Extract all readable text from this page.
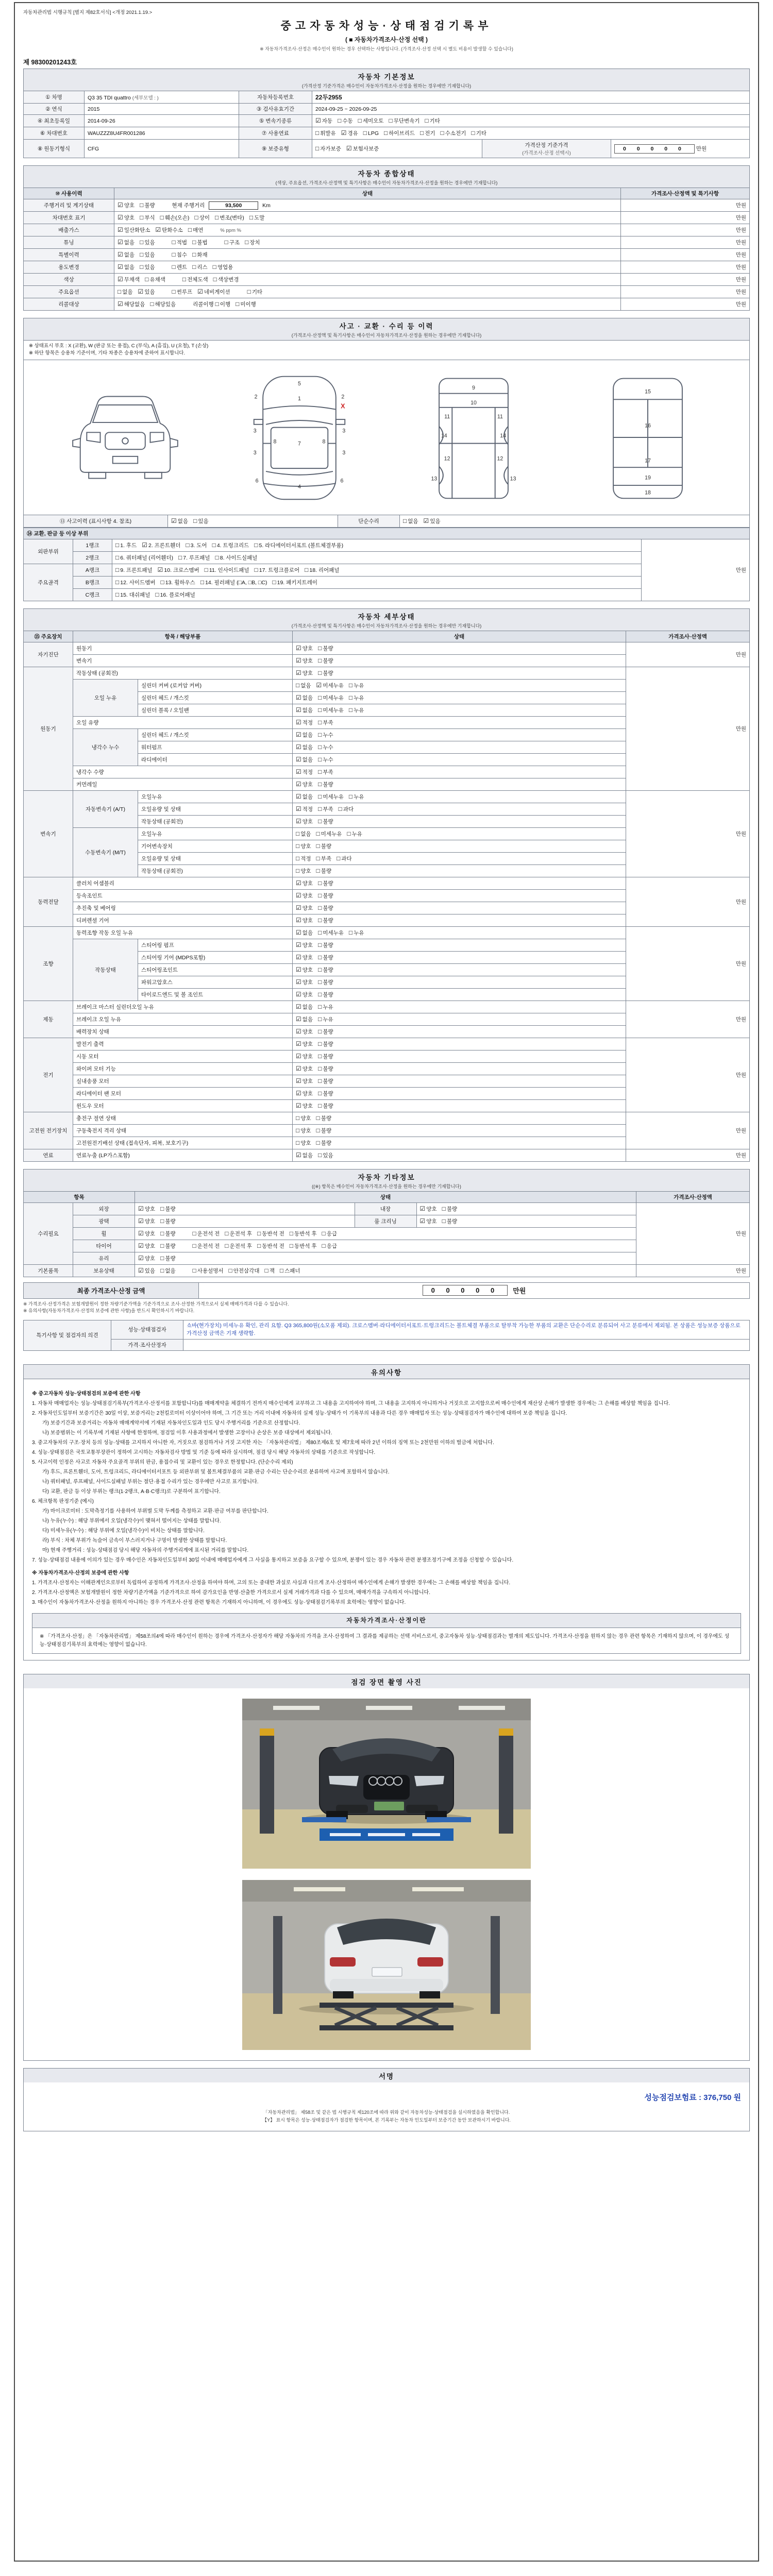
자동차관리법 시행규칙 [별지 제82호서식] <개정 2021.1.19.>
중고자동차성능·상태점검기록부
( ■ 자동차가격조사·산정 선택 )
※ 자동차가격조사·산정은 매수인이 원하는 경우 선택하는 사항입니다. (가격조사·산정 선택 시 별도 비용이 발생할 수 있습니다)
제 98300201243호
자동차 기본정보
(가격산정 기준가격은 매수인이 자동차가격조사·산정을 원하는 경우에만 기재합니다)
① 차명	Q3 35 TDI quattro (세부모델 : )	자동차등록번호	22두2955		
② 연식	2015	③ 검사유효기간	2024-09-25 ~ 2026-09-25		
④ 최초등록일	2014-09-26	⑤ 변속기종류	☑ 자동 □ 수동 □ 세미오토 □ 무단변속기 □ 기타		
⑥ 차대번호	WAUZZZ8U4FR001286	⑦ 사용연료	□ 휘발유 ☑ 경유 □ LPG □ 하이브리드 □ 전기 □ 수소전기 □ 기타		
⑧ 원동기형식	CFG	⑨ 보증유형	□ 자가보증 ☑ 보험사보증	가격산정 기준가격
(가격조사·산정 선택시)	0 0 0 0 0 만원
자동차 종합상태
(색상, 주요옵션, 가격조사·산정액 및 특기사항은 매수인이 자동차가격조사·산정을 원하는 경우에만 기재합니다)
⑩ 사용이력	상태	가격조사·산정액 및 특기사항
주행거리 및 계기상태	☑ 양호 □ 불량 현재 주행거리 93,500 Km	만원
차대번호 표기	☑ 양호 □ 부식 □ 훼손(오손) □ 상이 □ 변조(변타) □ 도말	만원
배출가스	☑ 일산화탄소 ☑ 탄화수소 □ 매연 % ppm %	만원
튜닝	☑ 없음 □ 있음 □ 적법 □ 불법 □ 구조 □ 장치	만원
특별이력	☑ 없음 □ 있음 □ 침수 □ 화재	만원
용도변경	☑ 없음 □ 있음 □ 렌트 □ 리스 □ 영업용	만원
색상	☑ 무채색 □ 유채색 □ 전체도색 □ 색상변경	만원
주요옵션	□ 없음 ☑ 있음 □ 썬루프 ☑ 네비게이션 □ 기타	만원
리콜대상	☑ 해당없음 □ 해당있음 리콜이행 □ 이행 □ 미이행	만원
사고 · 교환 · 수리 등 이력
(가격조사·산정액 및 특기사항은 매수인이 자동차가격조사·산정을 원하는 경우에만 기재합니다)
※ 상태표시 부호 : X (교환), W (판금 또는 용접), C (부식), A (흠집), U (요철), T (손상)
※ 하단 항목은 승용차 기준이며, 기타 차종은 승용차에 준하여 표시합니다.
5
1
2	2
X
3	3
3	3
8	8
7
6	6
4
9
10
11	11
14	14
12	12
13	13
15
16
17
19
18
⑬ 사고이력 (표시사항 4. 참조)	☑ 없음 □ 있음	단순수리	□ 없음 ☑ 있음
⑭ 교환, 판금 등 이상 부위			
외판부위	1랭크	□ 1. 후드 ☑ 2. 프론트휀더 □ 3. 도어 □ 4. 트렁크리드 □ 5. 라디에이터서포트 (볼트체결부품)	만원
	2랭크	□ 6. 쿼터패널 (리어휀더) □ 7. 루프패널 □ 8. 사이드실패널	
주요골격	A랭크	□ 9. 프론트패널 ☑ 10. 크로스멤버 □ 11. 인사이드패널 □ 17. 트렁크플로어 □ 18. 리어패널	
	B랭크	□ 12. 사이드멤버 □ 13. 휠하우스 □ 14. 필러패널 (□A, □B, □C) □ 19. 패키지트레이	
	C랭크	□ 15. 대쉬패널 □ 16. 플로어패널	
자동차 세부상태
(가격조사·산정액 및 특기사항은 매수인이 자동차가격조사·산정을 원하는 경우에만 기재합니다)
⑮ 주요장치	항목 / 해당부품		상태	가격조사·산정액
자기진단	원동기		☑ 양호 □ 불량	만원
	변속기		☑ 양호 □ 불량	
원동기	작동상태 (공회전)		☑ 양호 □ 불량	만원
	오일 누유	실린더 커버 (로커암 커버)	□ 없음 ☑ 미세누유 □ 누유	
		실린더 헤드 / 개스킷	☑ 없음 □ 미세누유 □ 누유	
		실린더 블록 / 오일팬	☑ 없음 □ 미세누유 □ 누유	
	오일 유량		☑ 적정 □ 부족	
	냉각수 누수	실린더 헤드 / 개스킷	☑ 없음 □ 누수	
		워터펌프	☑ 없음 □ 누수	
		라디에이터	☑ 없음 □ 누수	
	냉각수 수량		☑ 적정 □ 부족	
	커먼레일		☑ 양호 □ 불량	
변속기	자동변속기 (A/T)	오일누유	☑ 없음 □ 미세누유 □ 누유	만원
		오일유량 및 상태	☑ 적정 □ 부족 □ 과다	
		작동상태 (공회전)	☑ 양호 □ 불량	
	수동변속기 (M/T)	오일누유	□ 없음 □ 미세누유 □ 누유	
		기어변속장치	□ 양호 □ 불량	
		오일유량 및 상태	□ 적정 □ 부족 □ 과다	
		작동상태 (공회전)	□ 양호 □ 불량	
동력전달	클러치 어셈블리		☑ 양호 □ 불량	만원
	등속조인트		☑ 양호 □ 불량	
	추진축 및 베어링		☑ 양호 □ 불량	
	디퍼렌셜 기어		☑ 양호 □ 불량	
조향	동력조향 작동 오일 누유		☑ 없음 □ 미세누유 □ 누유	만원
	작동상태	스티어링 펌프	☑ 양호 □ 불량	
		스티어링 기어 (MDPS포함)	☑ 양호 □ 불량	
		스티어링조인트	☑ 양호 □ 불량	
		파워고압호스	☑ 양호 □ 불량	
		타이로드엔드 및 볼 조인트	☑ 양호 □ 불량	
제동	브레이크 마스터 실린더오일 누유		☑ 없음 □ 누유	만원
	브레이크 오일 누유		☑ 없음 □ 누유	
	배력장치 상태		☑ 양호 □ 불량	
전기	발전기 출력		☑ 양호 □ 불량	만원
	시동 모터		☑ 양호 □ 불량	
	와이퍼 모터 기능		☑ 양호 □ 불량	
	실내송풍 모터		☑ 양호 □ 불량	
	라디에이터 팬 모터		☑ 양호 □ 불량	
	윈도우 모터		☑ 양호 □ 불량	
고전원 전기장치	충전구 절연 상태		□ 양호 □ 불량	만원
	구동축전지 격리 상태		□ 양호 □ 불량	
	고전원전기배선 상태 (접속단자, 피복, 보호기구)		□ 양호 □ 불량	
연료	연료누출 (LP가스포함)		☑ 없음 □ 있음	만원
자동차 기타정보
((※) 항목은 매수인이 자동차가격조사·산정을 원하는 경우에만 기재합니다)
항목		상태			가격조사·산정액
수리필요	외장	☑ 양호 □ 불량	내장	☑ 양호 □ 불량	만원
	광택	☑ 양호 □ 불량	룸 크리닝	☑ 양호 □ 불량	
	휠	☑ 양호 □ 불량 □ 운전석 전 □ 운전석 후 □ 동반석 전 □ 동반석 후 □ 응급			
	타이어	☑ 양호 □ 불량 □ 운전석 전 □ 운전석 후 □ 동반석 전 □ 동반석 후 □ 응급			
	유리	☑ 양호 □ 불량			
기본품목	보유상태	☑ 있음 □ 없음 □ 사용설명서 □ 안전삼각대 □ 잭 □ 스패너			만원
최종 가격조사·산정 금액	0 0 0 0 0	만원
※ 가격조사·산정가격은 보험개발원이 정한 차량기준가액을 기준가격으로 조사·산정한 가격으로서 실제 매매가격과 다를 수 있습니다.
※ 유의사항(자동차가격조사·산정의 보증에 관한 사항)을 반드시 확인하시기 바랍니다.
특기사항 및 점검자의 의견	성능·상태점검자	쇼바(현가장치) 미세누유 확인, 관리 요함. Q3 365,800원(소모품 제외). 크로스멤버·라디에이터서포트·트렁크리드는 볼트체결 부품으로 탈부착 가능한 부품의 교환은 단순수리로 분류되어 사고 분류에서 제외됨. 본 상품은 성능보증 상품으로 가격산정 금액은 기재 생략함.
	가격·조사산정자	
유의사항

※ 중고자동차 성능·상태점검의 보증에 관한 사항

1. 자동차 매매업자는 성능·상태점검기록부(가격조사·산정서를 포함합니다)를 매매계약을 체결하기 전까지 매수인에게 교부하고 그 내용을 고지하여야 하며, 그 내용을 고지하지 아니하거나 거짓으로 고지함으로써 매수인에게 재산상 손해가 발생한 경우에는 그 손해를 배상할 책임을 집니다.

2. 자동차인도일부터 보증기간은 30일 이상, 보증거리는 2천킬로미터 이상이어야 하며, 그 기간 또는 거리 이내에 자동차의 실제 성능·상태가 이 기록부의 내용과 다른 경우 매매업자 또는 성능·상태점검자가 매수인에 대하여 보증 책임을 집니다.

가) 보증기간과 보증거리는 자동차 매매계약서에 기재된 자동차인도일과 인도 당시 주행거리를 기준으로 산정합니다.

나) 보증범위는 이 기록부에 기재된 사항에 한정하며, 점검일 이후 사용과정에서 발생한 고장이나 손상은 보증 대상에서 제외됩니다.

3. 중고자동차의 구조·장치 등의 성능·상태를 고지하지 아니한 자, 거짓으로 점검하거나 거짓 고지한 자는 「자동차관리법」 제80조제6호 및 제7호에 따라 2년 이하의 징역 또는 2천만원 이하의 벌금에 처합니다.

4. 성능·상태점검은 국토교통부장관이 정하여 고시하는 자동차검사 방법 및 기준 등에 따라 실시하며, 점검 당시 해당 자동차의 상태를 기준으로 작성합니다.

5. 사고이력 인정은 사고로 자동차 주요골격 부위의 판금, 용접수리 및 교환이 있는 경우로 한정합니다. (단순수리 제외)

가) 후드, 프론트휀더, 도어, 트렁크리드, 라디에이터서포트 등 외판부위 및 볼트체결부품의 교환·판금 수리는 단순수리로 분류하며 사고에 포함하지 않습니다.

나) 쿼터패널, 루프패널, 사이드실패널 부위는 절단·용접 수리가 있는 경우에만 사고로 표기합니다.

다) 교환, 판금 등 이상 부위는 랭크(1·2랭크, A·B·C랭크)로 구분하여 표기합니다.

6. 체크항목 판정기준 (예시)

가) 마이크로미터 : 도막측정기를 사용하여 부위별 도막 두께를 측정하고 교환·판금 여부를 판단합니다.

나) 누유(누수) : 해당 부위에서 오일(냉각수)이 맺혀서 떨어지는 상태를 말합니다.

다) 미세누유(누수) : 해당 부위에 오일(냉각수)이 비치는 상태를 말합니다.

라) 부식 : 차체 부위가 녹슬어 금속이 부스러지거나 구멍이 발생한 상태를 말합니다.

마) 현재 주행거리 : 성능·상태점검 당시 해당 자동차의 주행거리계에 표시된 거리를 말합니다.

7. 성능·상태점검 내용에 이의가 있는 경우 매수인은 자동차인도일부터 30일 이내에 매매업자에게 그 사실을 통지하고 보증을 요구할 수 있으며, 분쟁이 있는 경우 자동차 관련 분쟁조정기구에 조정을 신청할 수 있습니다.

※ 자동차가격조사·산정의 보증에 관한 사항

1. 가격조사·산정자는 이해관계인으로부터 독립하여 공정하게 가격조사·산정을 하여야 하며, 고의 또는 중대한 과실로 사실과 다르게 조사·산정하여 매수인에게 손해가 발생한 경우에는 그 손해를 배상할 책임을 집니다.

2. 가격조사·산정액은 보험개발원이 정한 차량기준가액을 기준가격으로 하여 감가요인을 반영·산출한 가격으로서 실제 거래가격과 다를 수 있으며, 매매가격을 구속하지 아니합니다.

3. 매수인이 자동차가격조사·산정을 원하지 아니하는 경우 가격조사·산정 관련 항목은 기재하지 아니하며, 이 경우에도 성능·상태점검기록부의 효력에는 영향이 없습니다.

자동차가격조사·산정이란
※ 「가격조사·산정」은 「자동차관리법」 제58조의4에 따라 매수인이 원하는 경우에 가격조사·산정자가 해당 자동차의 가격을 조사·산정하여 그 결과를 제공하는 선택 서비스로서, 중고자동차 성능·상태점검과는 별개의 제도입니다. 가격조사·산정을 원하지 않는 경우 관련 항목은 기재하지 않으며, 이 경우에도 성능·상태점검기록부의 효력에는 영향이 없습니다.
점검 장면 촬영 사진
서명
성능점검보험료 : 376,750 원
「자동차관리법」 제58조 및 같은 법 시행규칙 제120조에 따라 위와 같이 자동차성능·상태점검을 실시하였음을 확인합니다.
【Y】 표시 항목은 성능·상태점검자가 점검한 항목이며, 본 기록부는 자동차 인도일부터 보증기간 동안 보관하시기 바랍니다.
